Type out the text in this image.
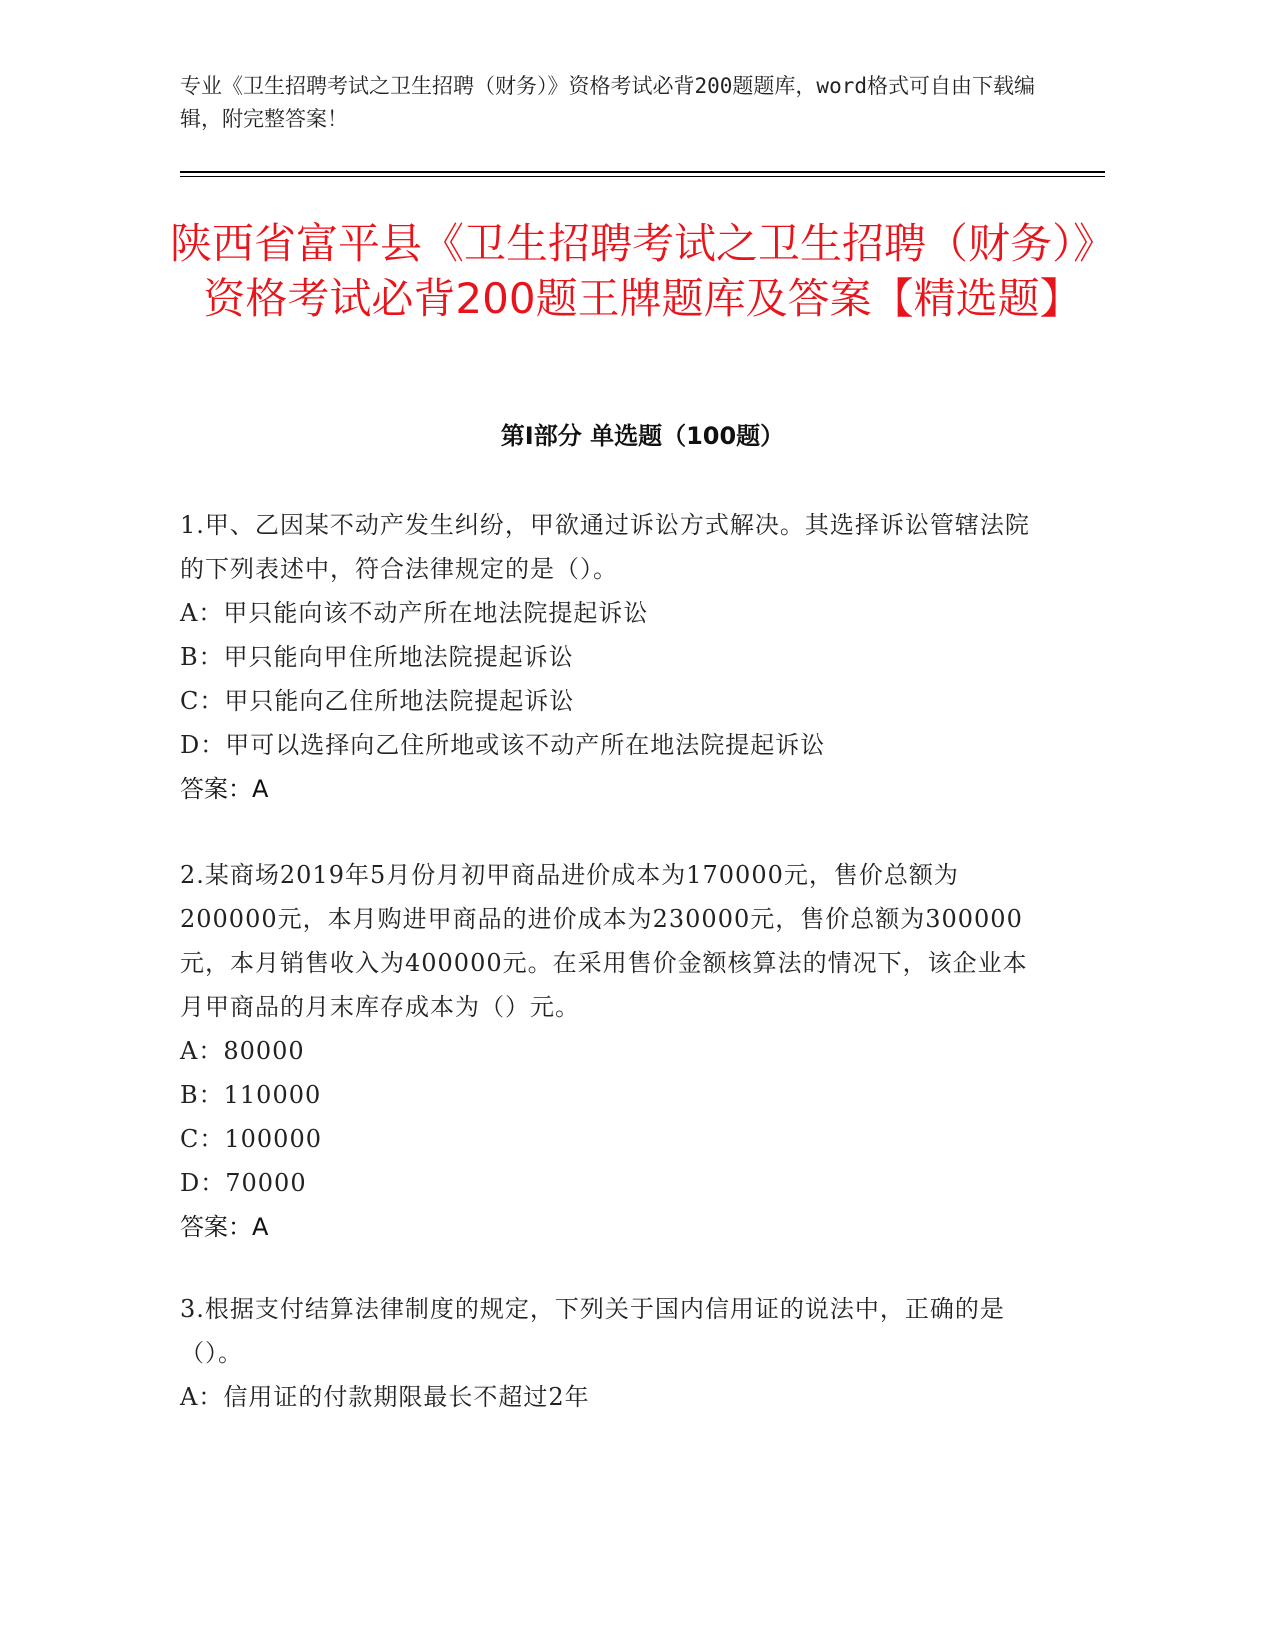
专业《卫生招聘考试之卫生招聘（财务）》资格考试必背200题题库，word格式可自由下载编辑，附完整答案！
陕西省富平县《卫生招聘考试之卫生招聘（财务）》资格考试必背200题王牌题库及答案【精选题】
第I部分 单选题（100题）
1.甲、乙因某不动产发生纠纷，甲欲通过诉讼方式解决。其选择诉讼管辖法院的下列表述中，符合法律规定的是（）。
A：甲只能向该不动产所在地法院提起诉讼
B：甲只能向甲住所地法院提起诉讼
C：甲只能向乙住所地法院提起诉讼
D：甲可以选择向乙住所地或该不动产所在地法院提起诉讼
答案：A
2.某商场2019年5月份月初甲商品进价成本为170000元，售价总额为200000元，本月购进甲商品的进价成本为230000元，售价总额为300000元，本月销售收入为400000元。在采用售价金额核算法的情况下，该企业本月甲商品的月末库存成本为（）元。
A：80000
B：110000
C：100000
D：70000
答案：A
3.根据支付结算法律制度的规定，下列关于国内信用证的说法中，正确的是（）。
A：信用证的付款期限最长不超过2年
